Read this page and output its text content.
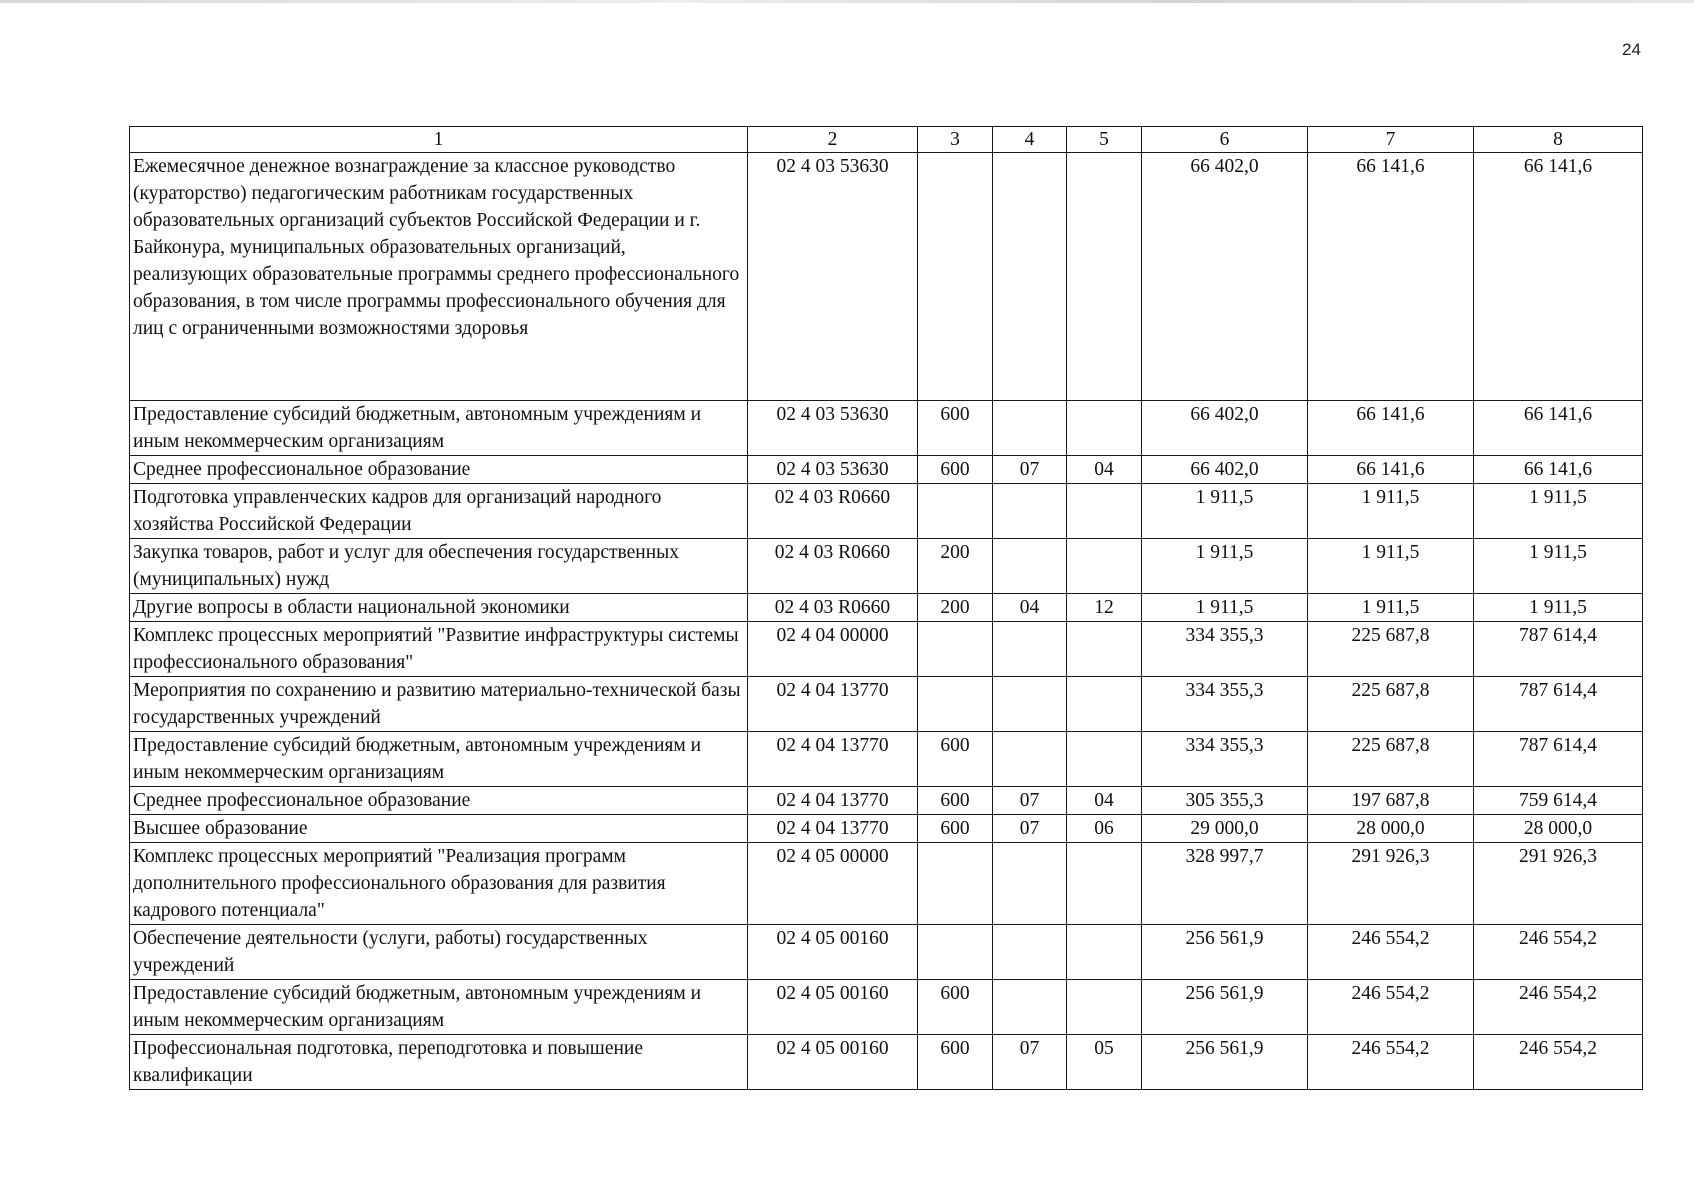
24
1	2	3	4	5	6	7	8
Ежемесячное денежное вознаграждение за классное руководство (кураторство) педагогическим работникам государственных образовательных организаций субъектов Российской Федерации и г. Байконура, муниципальных образовательных организаций, реализующих образовательные программы среднего профессионального образования, в том числе программы профессионального обучения для лиц с ограниченными возможностями здоровья	02 4 03 53630				66 402,0	66 141,6	66 141,6
Предоставление субсидий бюджетным, автономным учреждениям и иным некоммерческим организациям	02 4 03 53630	600			66 402,0	66 141,6	66 141,6
Среднее профессиональное образование	02 4 03 53630	600	07	04	66 402,0	66 141,6	66 141,6
Подготовка управленческих кадров для организаций народного хозяйства Российской Федерации	02 4 03 R0660				1 911,5	1 911,5	1 911,5
Закупка товаров, работ и услуг для обеспечения государственных (муниципальных) нужд	02 4 03 R0660	200			1 911,5	1 911,5	1 911,5
Другие вопросы в области национальной экономики	02 4 03 R0660	200	04	12	1 911,5	1 911,5	1 911,5
Комплекс процессных мероприятий "Развитие инфраструктуры системы профессионального образования"	02 4 04 00000				334 355,3	225 687,8	787 614,4
Мероприятия по сохранению и развитию материально-технической базы государственных учреждений	02 4 04 13770				334 355,3	225 687,8	787 614,4
Предоставление субсидий бюджетным, автономным учреждениям и иным некоммерческим организациям	02 4 04 13770	600			334 355,3	225 687,8	787 614,4
Среднее профессиональное образование	02 4 04 13770	600	07	04	305 355,3	197 687,8	759 614,4
Высшее образование	02 4 04 13770	600	07	06	29 000,0	28 000,0	28 000,0
Комплекс процессных мероприятий "Реализация программ дополнительного профессионального образования для развития кадрового потенциала"	02 4 05 00000				328 997,7	291 926,3	291 926,3
Обеспечение деятельности (услуги, работы) государственных учреждений	02 4 05 00160				256 561,9	246 554,2	246 554,2
Предоставление субсидий бюджетным, автономным учреждениям и иным некоммерческим организациям	02 4 05 00160	600			256 561,9	246 554,2	246 554,2
Профессиональная подготовка, переподготовка и повышение квалификации	02 4 05 00160	600	07	05	256 561,9	246 554,2	246 554,2
